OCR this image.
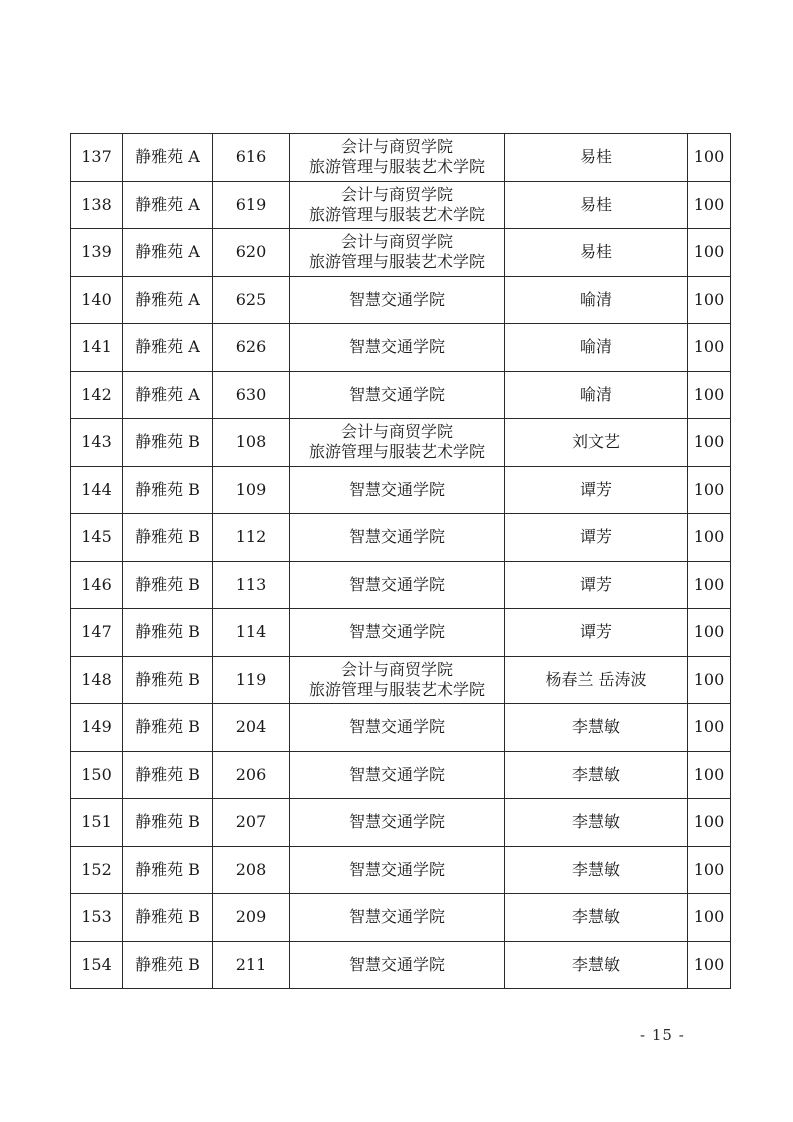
137	静雅苑 A	616	会计与商贸学院
旅游管理与服装艺术学院	易桂	100
138	静雅苑 A	619	会计与商贸学院
旅游管理与服装艺术学院	易桂	100
139	静雅苑 A	620	会计与商贸学院
旅游管理与服装艺术学院	易桂	100
140	静雅苑 A	625	智慧交通学院	喻清	100
141	静雅苑 A	626	智慧交通学院	喻清	100
142	静雅苑 A	630	智慧交通学院	喻清	100
143	静雅苑 B	108	会计与商贸学院
旅游管理与服装艺术学院	刘文艺	100
144	静雅苑 B	109	智慧交通学院	谭芳	100
145	静雅苑 B	112	智慧交通学院	谭芳	100
146	静雅苑 B	113	智慧交通学院	谭芳	100
147	静雅苑 B	114	智慧交通学院	谭芳	100
148	静雅苑 B	119	会计与商贸学院
旅游管理与服装艺术学院	杨春兰 岳涛波	100
149	静雅苑 B	204	智慧交通学院	李慧敏	100
150	静雅苑 B	206	智慧交通学院	李慧敏	100
151	静雅苑 B	207	智慧交通学院	李慧敏	100
152	静雅苑 B	208	智慧交通学院	李慧敏	100
153	静雅苑 B	209	智慧交通学院	李慧敏	100
154	静雅苑 B	211	智慧交通学院	李慧敏	100
- 15 -
